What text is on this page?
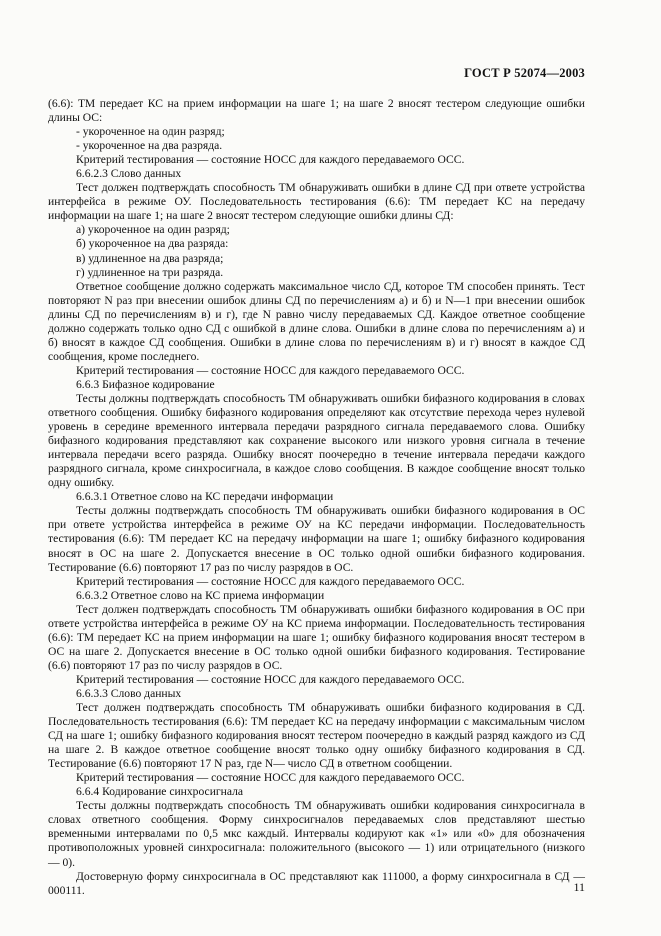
ГОСТ Р 52074—2003

(6.6): ТМ передает КС на прием информации на шаге 1; на шаге 2 вносят тестером следующие ошибки длины ОС:

- укороченное на один разряд;

- укороченное на два разряда.

Критерий тестирования — состояние НОСС для каждого передаваемого ОСС.

6.6.2.3 Слово данных

Тест должен подтверждать способность ТМ обнаруживать ошибки в длине СД при ответе устройства интерфейса в режиме ОУ. Последовательность тестирования (6.6): ТМ передает КС на передачу информации на шаге 1; на шаге 2 вносят тестером следующие ошибки длины СД:

а) укороченное на один разряд;

б) укороченное на два разряда:

в) удлиненное на два разряда;

г) удлиненное на три разряда.

Ответное сообщение должно содержать максимальное число СД, которое ТМ способен принять. Тест повторяют N раз при внесении ошибок длины СД по перечислениям а) и б) и N—1 при внесении ошибок длины СД по перечислениям в) и г), где N равно числу передаваемых СД. Каждое ответное сообщение должно содержать только одно СД с ошибкой в длине слова. Ошибки в длине слова по перечислениям а) и б) вносят в каждое СД сообщения. Ошибки в длине слова по перечислениям в) и г) вносят в каждое СД сообщения, кроме последнего.

Критерий тестирования — состояние НОСС для каждого передаваемого ОСС.

6.6.3 Бифазное кодирование

Тесты должны подтверждать способность ТМ обнаруживать ошибки бифазного кодирования в словах ответного сообщения. Ошибку бифазного кодирования определяют как отсутствие перехода через нулевой уровень в середине временного интервала передачи разрядного сигнала передаваемого слова. Ошибку бифазного кодирования представляют как сохранение высокого или низкого уровня сигнала в течение интервала передачи всего разряда. Ошибку вносят поочередно в течение интервала передачи каждого разрядного сигнала, кроме синхросигнала, в каждое слово сообщения. В каждое сообщение вносят только одну ошибку.

6.6.3.1 Ответное слово на КС передачи информации

Тесты должны подтверждать способность ТМ обнаруживать ошибки бифазного кодирования в ОС при ответе устройства интерфейса в режиме ОУ на КС передачи информации. Последовательность тестирования (6.6): ТМ передает КС на передачу информации на шаге 1; ошибку бифазного кодирования вносят в ОС на шаге 2. Допускается внесение в ОС только одной ошибки бифазного кодирования. Тестирование (6.6) повторяют 17 раз по числу разрядов в ОС.

Критерий тестирования — состояние НОСС для каждого передаваемого ОСС.

6.6.3.2 Ответное слово на КС приема информации

Тест должен подтверждать способность ТМ обнаруживать ошибки бифазного кодирования в ОС при ответе устройства интерфейса в режиме ОУ на КС приема информации. Последовательность тестирования (6.6): ТМ передает КС на прием информации на шаге 1; ошибку бифазного кодирования вносят тестером в ОС на шаге 2. Допускается внесение в ОС только одной ошибки бифазного кодирования. Тестирование (6.6) повторяют 17 раз по числу разрядов в ОС.

Критерий тестирования — состояние НОСС для каждого передаваемого ОСС.

6.6.3.3 Слово данных

Тест должен подтверждать способность ТМ обнаруживать ошибки бифазного кодирования в СД. Последовательность тестирования (6.6): ТМ передает КС на передачу информации с максимальным числом СД на шаге 1; ошибку бифазного кодирования вносят тестером поочередно в каждый разряд каждого из СД на шаге 2. В каждое ответное сообщение вносят только одну ошибку бифазного кодирования в СД. Тестирование (6.6) повторяют 17 N раз, где N— число СД в ответном сообщении.

Критерий тестирования — состояние НОСС для каждого передаваемого ОСС.

6.6.4 Кодирование синхросигнала

Тесты должны подтверждать способность ТМ обнаруживать ошибки кодирования синхросигнала в словах ответного сообщения. Форму синхросигналов передаваемых слов представляют шестью временными интервалами по 0,5 мкс каждый. Интервалы кодируют как «1» или «0» для обозначения противоположных уровней синхросигнала: положительного (высокого — 1) или отрицательного (низкого — 0).

Достоверную форму синхросигнала в ОС представляют как 111000, а форму синхросигнала в СД — 000111.	11
